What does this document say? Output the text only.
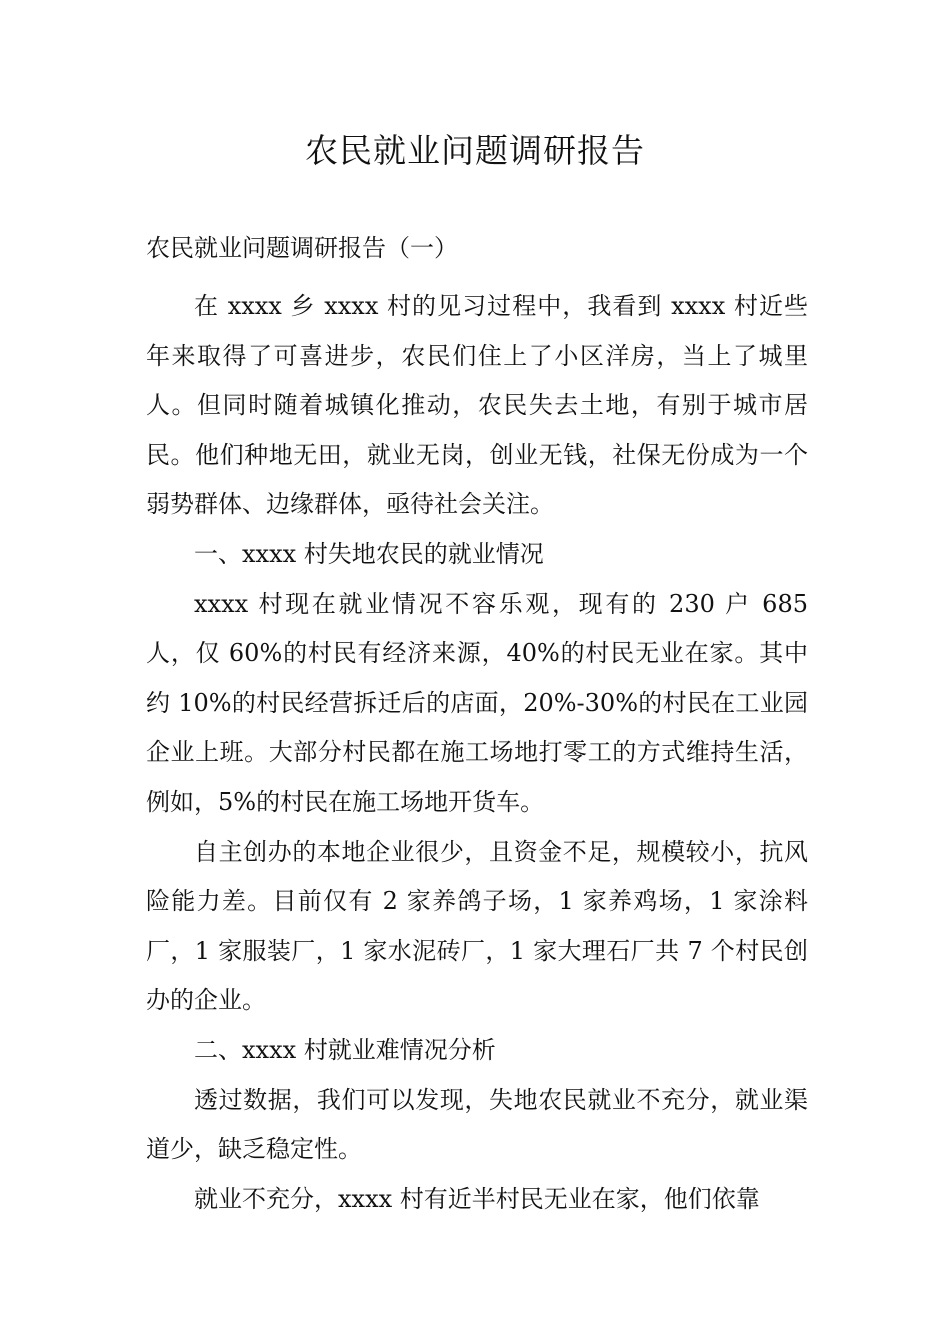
农民就业问题调研报告

农民就业问题调研报告（一）

在 xxxx 乡 xxxx 村的见习过程中，我看到 xxxx 村近些年来取得了可喜进步，农民们住上了小区洋房，当上了城里人。但同时随着城镇化推动，农民失去土地，有别于城市居民。他们种地无田，就业无岗，创业无钱，社保无份成为一个弱势群体、边缘群体，亟待社会关注。

一、xxxx 村失地农民的就业情况

xxxx 村现在就业情况不容乐观，现有的 230 户 685 人，仅 60%的村民有经济来源，40%的村民无业在家。其中约 10%的村民经营拆迁后的店面，20%-30%的村民在工业园企业上班。大部分村民都在施工场地打零工的方式维持生活，例如，5%的村民在施工场地开货车。

自主创办的本地企业很少，且资金不足，规模较小，抗风险能力差。目前仅有 2 家养鸽子场，1 家养鸡场，1 家涂料厂，1 家服装厂，1 家水泥砖厂，1 家大理石厂共 7 个村民创办的企业。

二、xxxx 村就业难情况分析

透过数据，我们可以发现，失地农民就业不充分，就业渠道少，缺乏稳定性。

就业不充分，xxxx 村有近半村民无业在家，他们依靠
